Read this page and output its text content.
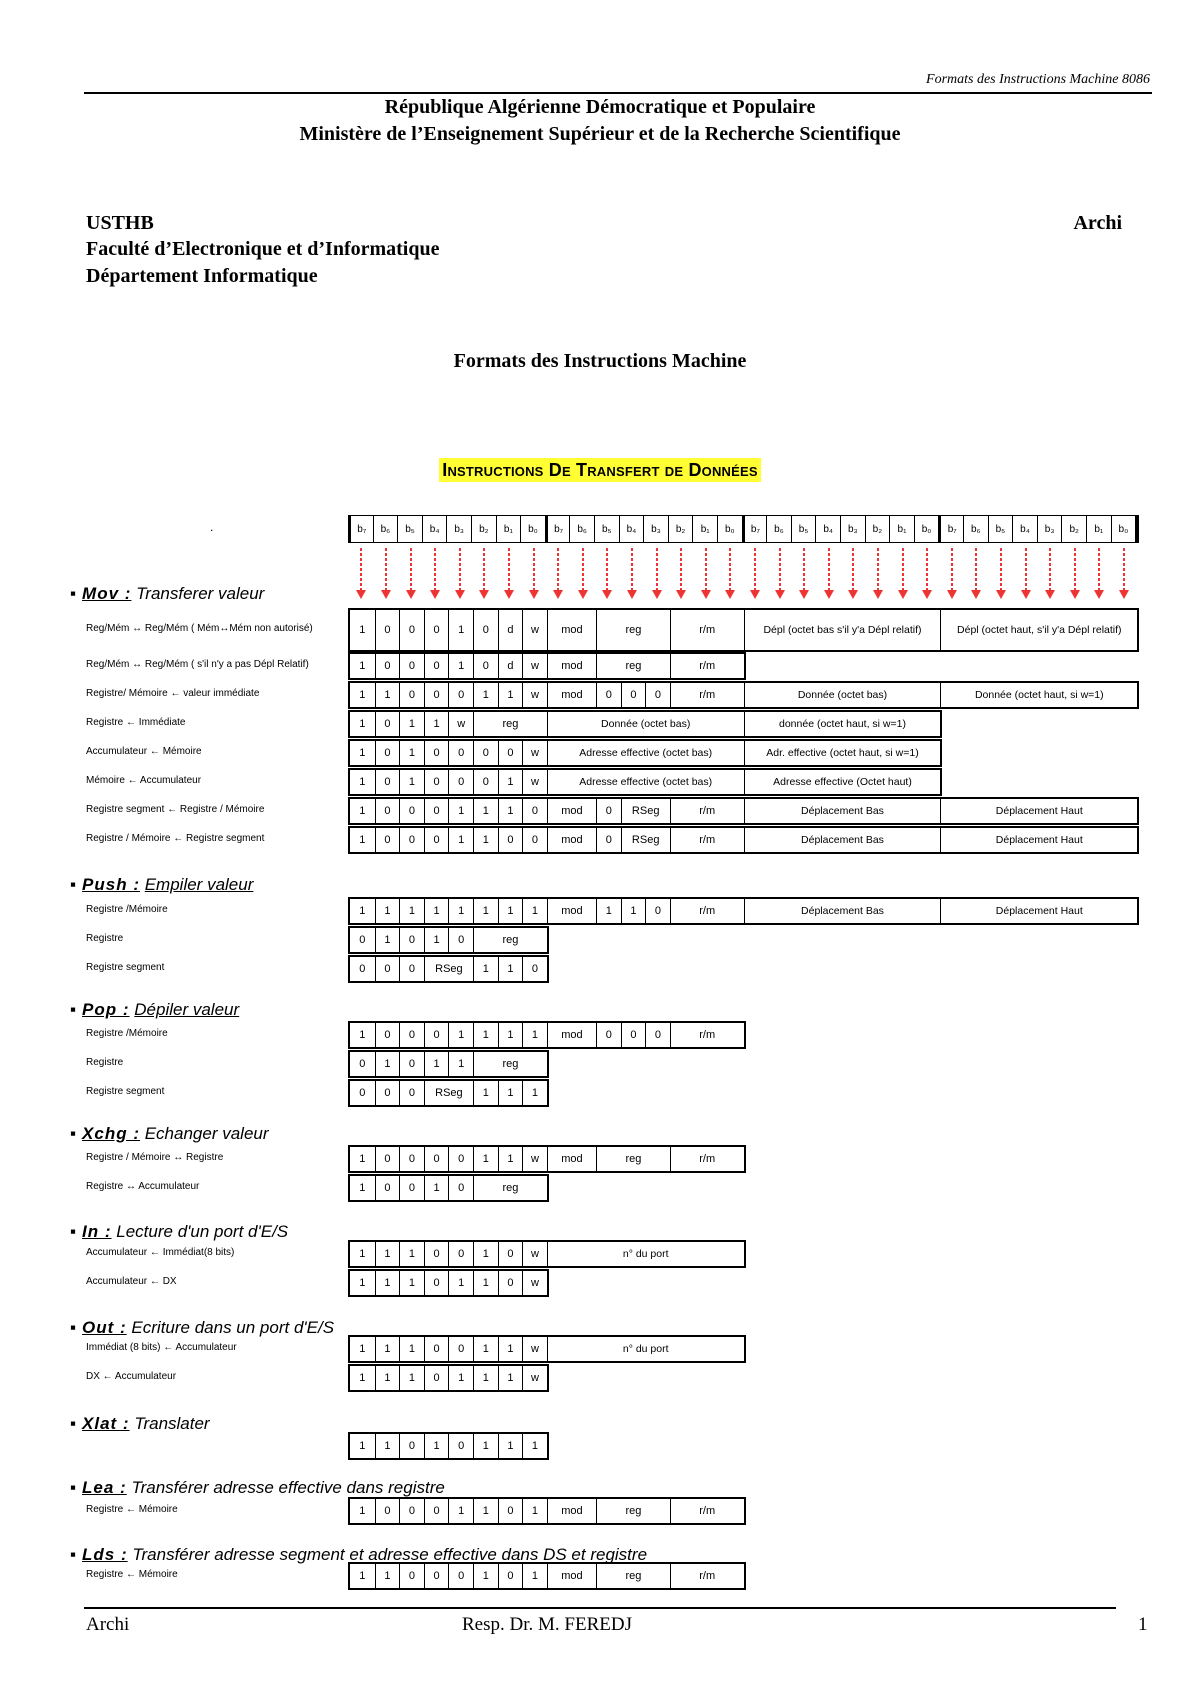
Formats des Instructions Machine 8086
République Algérienne Démocratique et Populaire
Ministère de l’Enseignement Supérieur et de la Recherche Scientifique
USTHB	Archi
Faculté d’Electronique et d’Informatique
Département Informatique
Formats des Instructions Machine
Instructions De Transfert de Données
.	b₇	b₆	b₅	b₄	b₃	b₂	b₁	b₀	b₇	b₆	b₅	b₄	b₃	b₂	b₁	b₀	b₇	b₆	b₅	b₄	b₃	b₂	b₁	b₀	b₇	b₆	b₅	b₄	b₃	b₂	b₁	b₀
▪ Mov : Transferer valeur
▪ Push : Empiler valeur
▪ Pop : Dépiler valeur
▪ Xchg : Echanger valeur
▪ In : Lecture d'un port d'E/S
▪ Out : Ecriture dans un port d'E/S
▪ Xlat : Translater
▪ Lea : Transférer adresse effective dans registre
▪ Lds : Transférer adresse segment et adresse effective dans DS et registre
Reg/Mém ↔ Reg/Mém ( Mém↔Mém non autorisé)	1	0	0	0	1	0	d	w	mod	reg	r/m	Dépl (octet bas s'il y'a Dépl relatif)	Dépl (octet haut, s'il y'a Dépl relatif)
Reg/Mém ↔ Reg/Mém ( s'il n'y a pas Dépl Relatif)	1	0	0	0	1	0	d	w	mod	reg	r/m
Registre/ Mémoire ← valeur immédiate	1	1	0	0	0	1	1	w	mod	0	0	0	r/m	Donnée (octet bas)	Donnée (octet haut, si w=1)
Registre ← Immédiate	1	0	1	1	w	reg	Donnée (octet bas)	donnée (octet haut, si w=1)
Accumulateur ← Mémoire	1	0	1	0	0	0	0	w	Adresse effective (octet bas)	Adr. effective (octet haut, si w=1)
Mémoire ← Accumulateur	1	0	1	0	0	0	1	w	Adresse effective (octet bas)	Adresse effective (Octet haut)
Registre segment ← Registre / Mémoire	1	0	0	0	1	1	1	0	mod	0	RSeg	r/m	Déplacement Bas	Déplacement Haut
Registre / Mémoire ← Registre segment	1	0	0	0	1	1	0	0	mod	0	RSeg	r/m	Déplacement Bas	Déplacement Haut
Registre /Mémoire	1	1	1	1	1	1	1	1	mod	1	1	0	r/m	Déplacement Bas	Déplacement Haut
Registre	0	1	0	1	0	reg
Registre segment	0	0	0	RSeg	1	1	0
Registre /Mémoire	1	0	0	0	1	1	1	1	mod	0	0	0	r/m
Registre	0	1	0	1	1	reg
Registre segment	0	0	0	RSeg	1	1	1
Registre / Mémoire ↔ Registre	1	0	0	0	0	1	1	w	mod	reg	r/m
Registre ↔ Accumulateur	1	0	0	1	0	reg
Accumulateur ← Immédiat(8 bits)	1	1	1	0	0	1	0	w	n° du port
Accumulateur ← DX	1	1	1	0	1	1	0	w
Immédiat (8 bits) ← Accumulateur	1	1	1	0	0	1	1	w	n° du port
DX ← Accumulateur	1	1	1	0	1	1	1	w
1	1	0	1	0	1	1	1
Registre ← Mémoire	1	0	0	0	1	1	0	1	mod	reg	r/m
Registre ← Mémoire	1	1	0	0	0	1	0	1	mod	reg	r/m
Archi	Resp. Dr. M. FEREDJ	1
